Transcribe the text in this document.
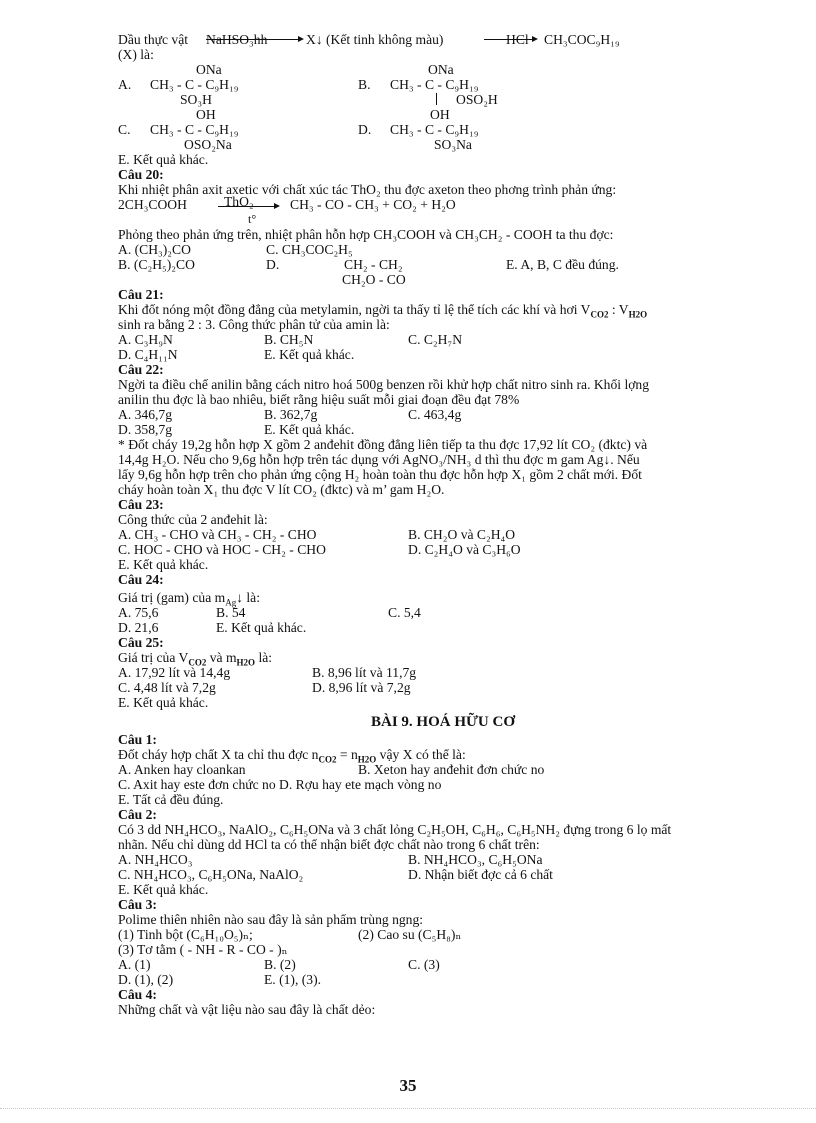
Dầu thực vật NaHSO₃hh	X↓ (Kết tinh không màu)	HCl CH₃COC₉H₁₉
(X) là:
ONa	ONa
A. CH₃ - C - C₉H₁₉	B. CH₃ - C - C₉H₁₉
SO₃H	OSO₂H
OH	OH
C. CH₃ - C - C₉H₁₉	D. CH₃ - C - C₉H₁₉
OSO₂Na	SO₃Na
E. Kết quả khác.
Câu 20:
Khi nhiệt phân axit axetic với chất xúc tác ThO₂ thu đợc axeton theo phơng trình phản ứng:
2CH₃COOH	ThO₂	CH₃ - CO - CH₃ + CO₂ + H₂O
t°
Phỏng theo phản ứng trên, nhiệt phân hỗn hợp CH₃COOH và CH₃CH₂ - COOH ta thu đợc:
A. (CH₃)₂CO	C. CH₃COC₂H₅
B. (C₂H₅)₂CO	D.	CH₂ - CH₂	E. A, B, C đều đúng.
CH₂O - CO
Câu 21:
Khi đốt nóng một đồng đẳng của metylamin, ngời ta thấy tỉ lệ thể tích các khí và hơi $V_{CO2}$ : $V_{H2O}$
sinh ra bằng 2 : 3. Công thức phân tử của amin là:
A. C₃H₉N	B. CH₅N	C. C₂H₇N
D. C₄H₁₁N	E. Kết quả khác.
Câu 22:
Ngời ta điều chế anilin bằng cách nitro hoá 500g benzen rồi khử hợp chất nitro sinh ra. Khối lợng
anilin thu đợc là bao nhiêu, biết rằng hiệu suất mỗi giai đoạn đều đạt 78%
A. 346,7g	B. 362,7g	C. 463,4g
D. 358,7g	E. Kết quả khác.
* Đốt cháy 19,2g hỗn hợp X gồm 2 anđehit đồng đẳng liên tiếp ta thu đợc 17,92 lít CO₂ (đktc) và
14,4g H₂O. Nếu cho 9,6g hỗn hợp trên tác dụng với AgNO₃/NH₃ d thì thu đợc m gam Ag↓. Nếu
lấy 9,6g hỗn hợp trên cho phản ứng cộng H₂ hoàn toàn thu đợc hỗn hợp X₁ gồm 2 chất mới. Đốt
cháy hoàn toàn X₁ thu đợc V lít CO₂ (đktc) và m’ gam H₂O.
Câu 23:
Công thức của 2 anđehit là:
A. CH₃ - CHO và CH₃ - CH₂ - CHO	B. CH₂O và C₂H₄O
C. HOC - CHO và HOC - CH₂ - CHO	D. C₂H₄O và C₃H₆O
E. Kết quả khác.
Câu 24:
Giá trị (gam) của $m_{Ag}↓$ là:
A. 75,6	B. 54	C. 5,4
D. 21,6	E. Kết quả khác.
Câu 25:
Giá trị của $V_{CO2}$ và $m_{H2O}$ là:
A. 17,92 lít và 14,4g	B. 8,96 lít và 11,7g
C. 4,48 lít và 7,2g	D. 8,96 lít và 7,2g
E. Kết quả khác.
BÀI 9. HOÁ HỮU CƠ
Câu 1:
Đốt cháy hợp chất X ta chỉ thu đợc $n_{CO2} = n_{H2O}$ vậy X có thể là:
A. Anken hay cloankan	B. Xeton hay anđehit đơn chức no
C. Axit hay este đơn chức no D. Rợu hay ete mạch vòng no
E. Tất cả đều đúng.
Câu 2:
Có 3 dd NH₄HCO₃, NaAlO₂, C₆H₅ONa và 3 chất lỏng C₂H₅OH, C₆H₆, C₆H₅NH₂ đựng trong 6 lọ mất
nhãn. Nếu chỉ dùng dd HCl ta có thể nhận biết đợc chất nào trong 6 chất trên:
A. NH₄HCO₃	B. NH₄HCO₃, C₆H₅ONa
C. NH₄HCO₃, C₆H₅ONa, NaAlO₂	D. Nhận biết đợc cả 6 chất
E. Kết quả khác.
Câu 3:
Polime thiên nhiên nào sau đây là sản phẩm trùng ngng:
(1) Tinh bột (C₆H₁₀O₅)ₙ;	(2) Cao su (C₅H₈)ₙ
(3) Tơ tằm ( - NH - R - CO - )ₙ
A. (1)	B. (2)	C. (3)
D. (1), (2)	E. (1), (3).
Câu 4:
Những chất và vật liệu nào sau đây là chất dẻo:
35
